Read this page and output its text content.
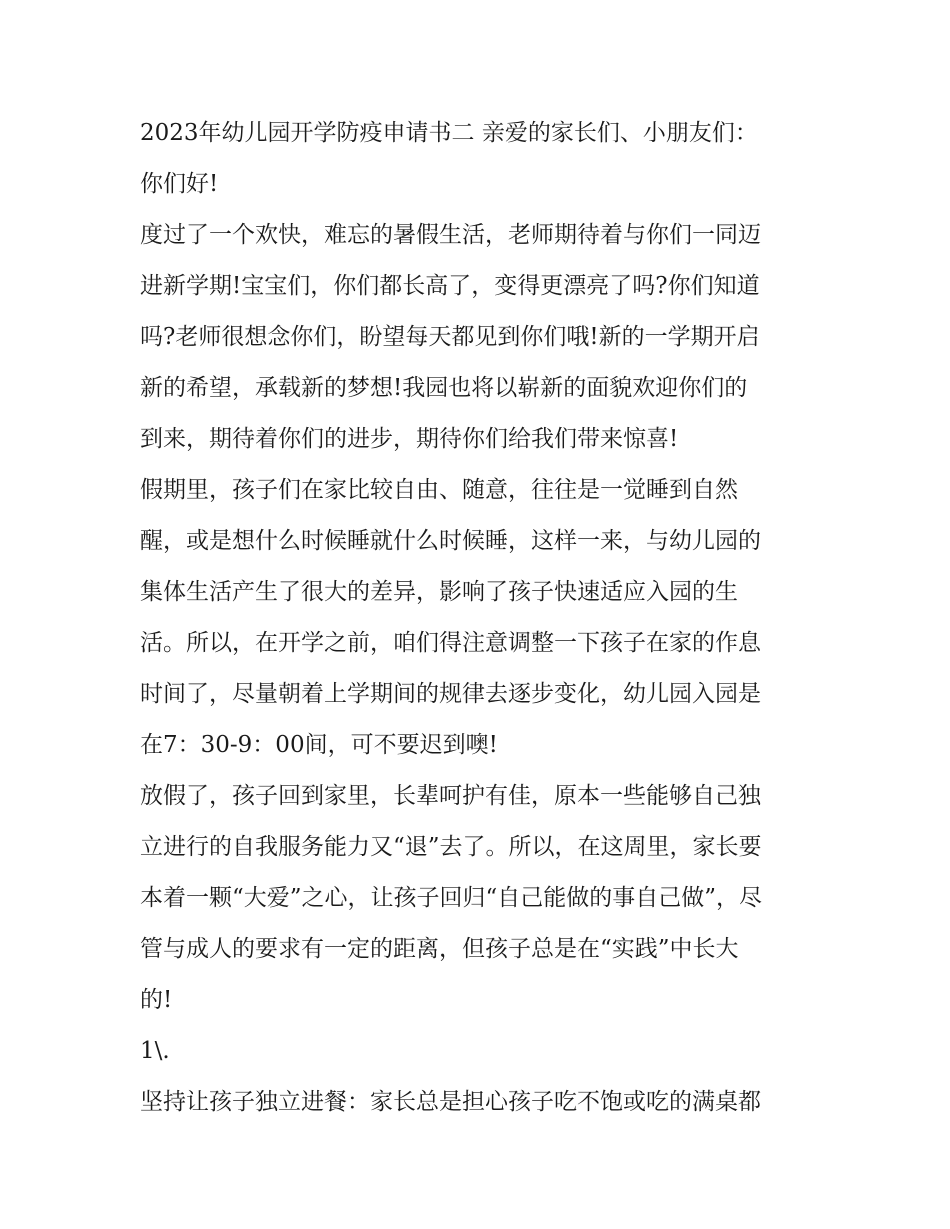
2023年幼儿园开学防疫申请书二 亲爱的家长们、小朋友们：
你们好!
度过了一个欢快，难忘的暑假生活，老师期待着与你们一同迈
进新学期!宝宝们，你们都长高了，变得更漂亮了吗?你们知道
吗?老师很想念你们，盼望每天都见到你们哦!新的一学期开启
新的希望，承载新的梦想!我园也将以崭新的面貌欢迎你们的
到来，期待着你们的进步，期待你们给我们带来惊喜!
假期里，孩子们在家比较自由、随意，往往是一觉睡到自然
醒，或是想什么时候睡就什么时候睡，这样一来，与幼儿园的
集体生活产生了很大的差异，影响了孩子快速适应入园的生
活。所以，在开学之前，咱们得注意调整一下孩子在家的作息
时间了，尽量朝着上学期间的规律去逐步变化，幼儿园入园是
在7：30-9：00间，可不要迟到噢!
放假了，孩子回到家里，长辈呵护有佳，原本一些能够自己独
立进行的自我服务能力又“退”去了。所以，在这周里，家长要
本着一颗“大爱”之心，让孩子回归“自己能做的事自己做”，尽
管与成人的要求有一定的距离，但孩子总是在“实践”中长大
的!
1\.
坚持让孩子独立进餐：家长总是担心孩子吃不饱或吃的满桌都
